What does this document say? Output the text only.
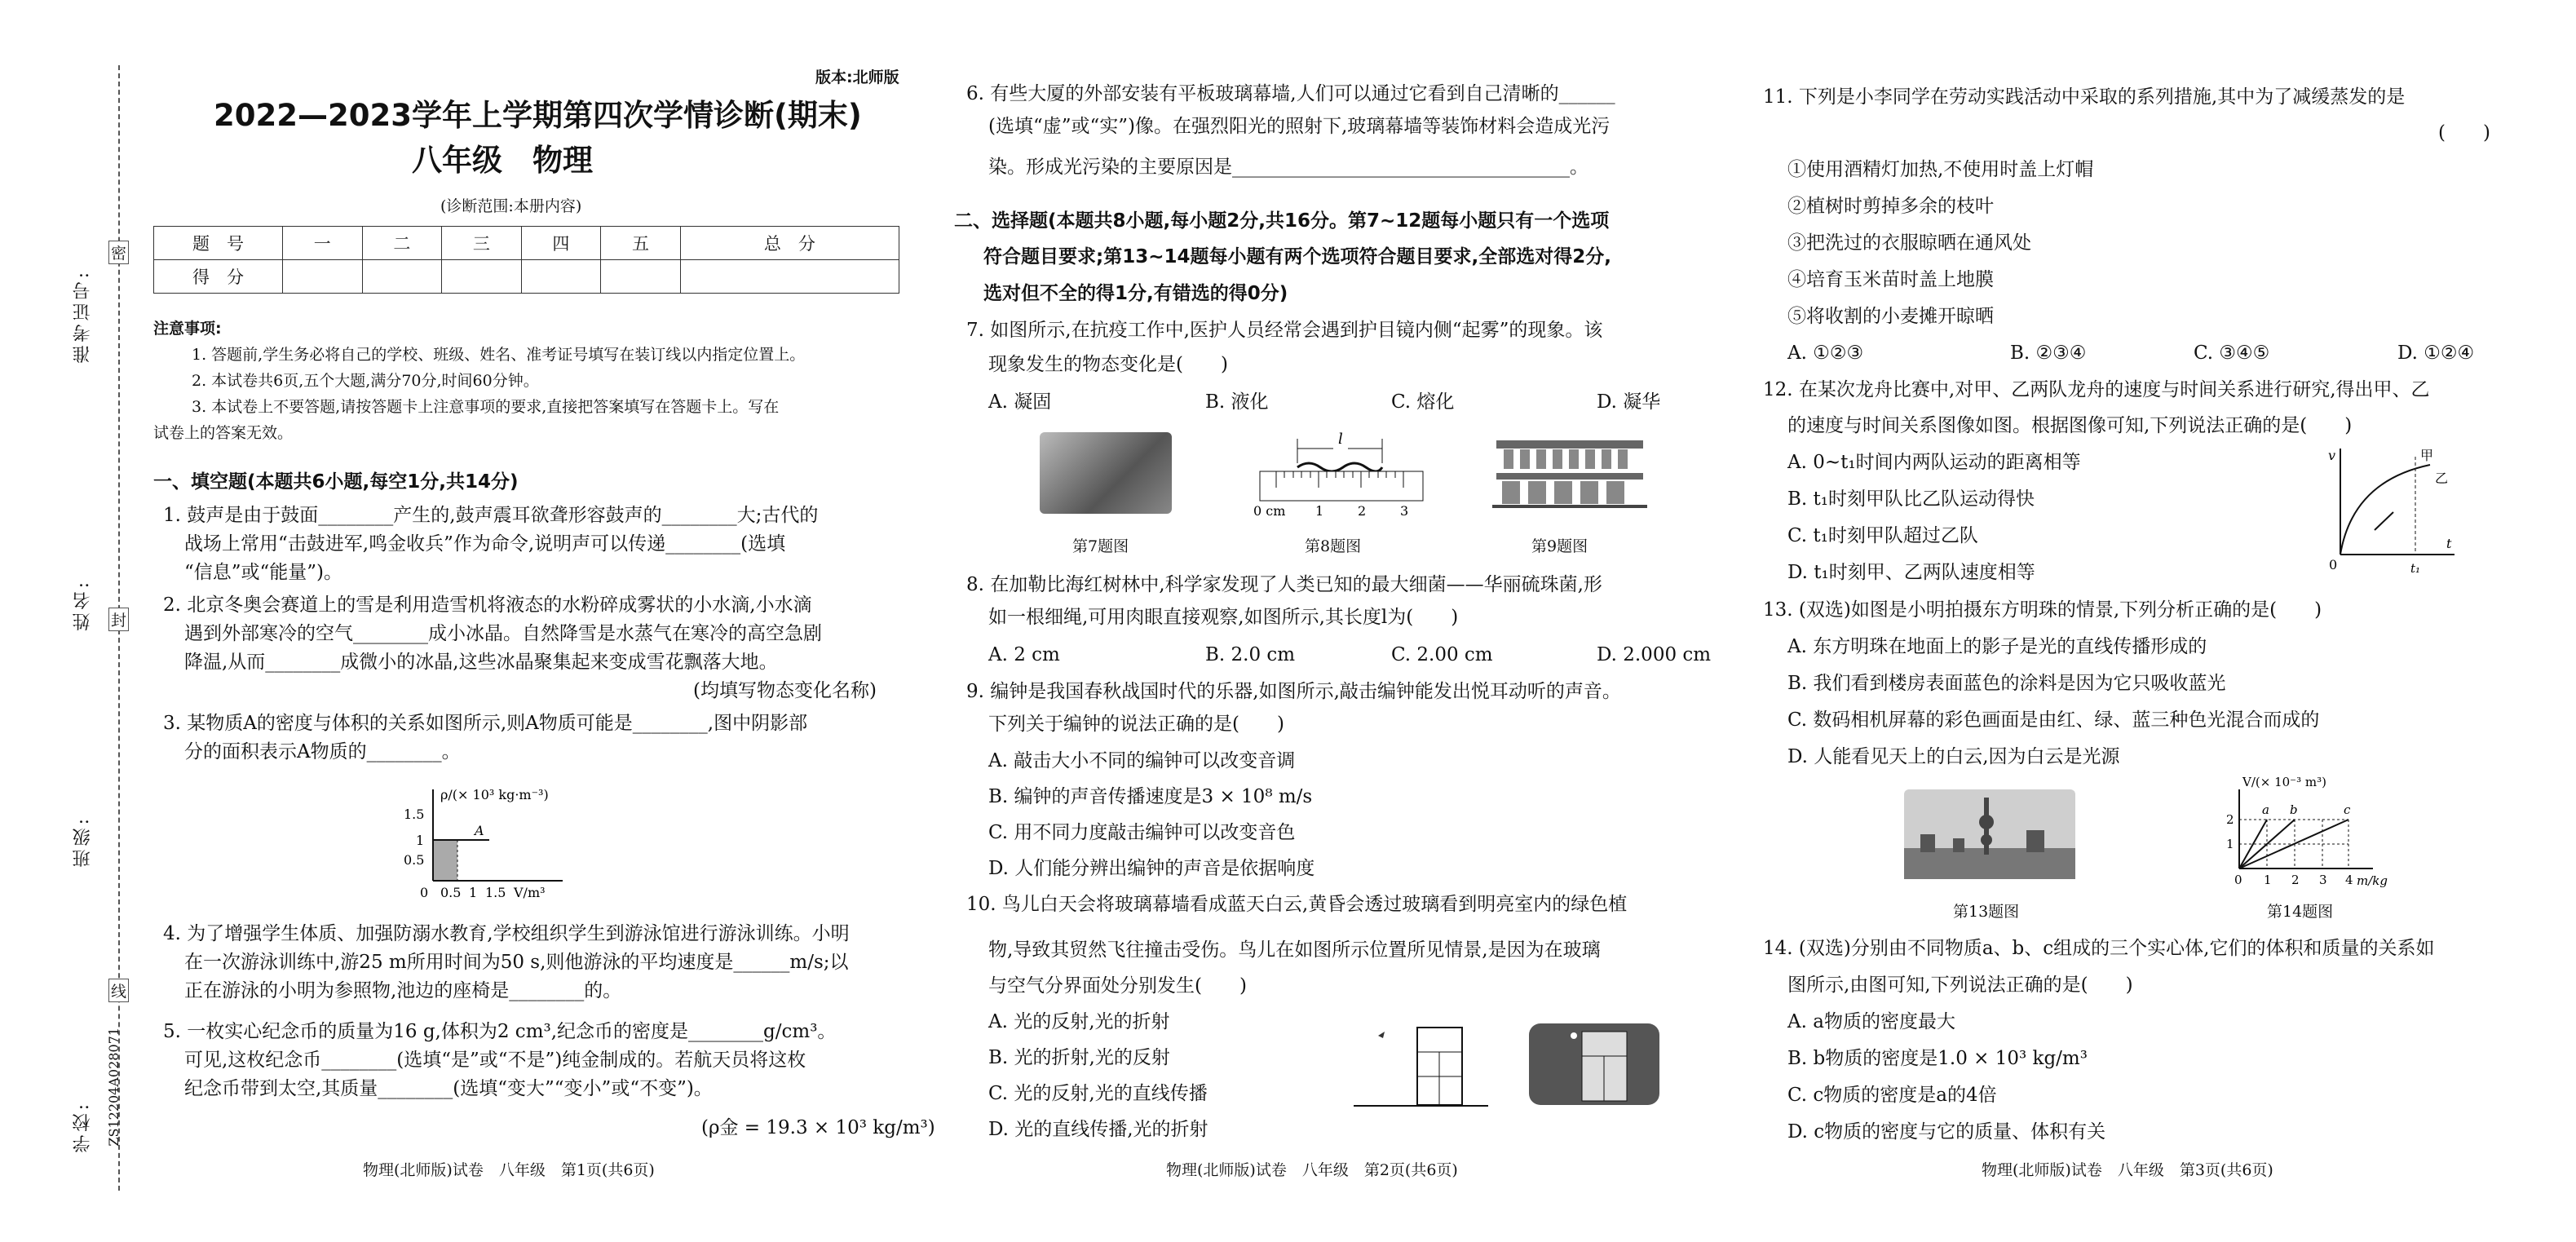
准考证号:
姓名:
班级:
学校: ZS12204A028071
密
封
线
版本:北师版
2022—2023学年上学期第四次学情诊断(期末)
八年级　物理
(诊断范围:本册内容)
题　号	一	二	三	四	五	总　分
得　分						
注意事项:
1. 答题前,学生务必将自己的学校、班级、姓名、准考证号填写在装订线以内指定位置上。
2. 本试卷共6页,五个大题,满分70分,时间60分钟。
3. 本试卷上不要答题,请按答题卡上注意事项的要求,直接把答案填写在答题卡上。写在
试卷上的答案无效。
一、填空题(本题共6小题,每空1分,共14分)
1. 鼓声是由于鼓面________产生的,鼓声震耳欲聋形容鼓声的________大;古代的
战场上常用“击鼓进军,鸣金收兵”作为命令,说明声可以传递________(选填
“信息”或“能量”)。
2. 北京冬奥会赛道上的雪是利用造雪机将液态的水粉碎成雾状的小水滴,小水滴
遇到外部寒冷的空气________成小冰晶。自然降雪是水蒸气在寒冷的高空急剧
降温,从而________成微小的冰晶,这些冰晶聚集起来变成雪花飘落大地。
(均填写物态变化名称)
3. 某物质A的密度与体积的关系如图所示,则A物质可能是________,图中阴影部
分的面积表示A物质的________。
ρ/(× 10³ kg·m⁻³)
1.5
1
0.5
0 0.5 1 1.5 V/m³
A
4. 为了增强学生体质、加强防溺水教育,学校组织学生到游泳馆进行游泳训练。小明
在一次游泳训练中,游25 m所用时间为50 s,则他游泳的平均速度是______m/s;以
正在游泳的小明为参照物,池边的座椅是________的。
5. 一枚实心纪念币的质量为16 g,体积为2 cm³,纪念币的密度是________g/cm³。
可见,这枚纪念币________(选填“是”或“不是”)纯金制成的。若航天员将这枚
纪念币带到太空,其质量________(选填“变大”“变小”或“不变”)。
(ρ金 = 19.3 × 10³ kg/m³)
物理(北师版)试卷　八年级　第1页(共6页)
6. 有些大厦的外部安装有平板玻璃幕墙,人们可以通过它看到自己清晰的______
(选填“虚”或“实”)像。在强烈阳光的照射下,玻璃幕墙等装饰材料会造成光污
染。形成光污染的主要原因是____________________________________。
二、选择题(本题共8小题,每小题2分,共16分。第7~12题每小题只有一个选项
符合题目要求;第13~14题每小题有两个选项符合题目要求,全部选对得2分,
选对但不全的得1分,有错选的得0分)
7. 如图所示,在抗疫工作中,医护人员经常会遇到护目镜内侧“起雾”的现象。该
现象发生的物态变化是(　　)
A. 凝固	B. 液化	C. 熔化	D. 凝华
l
0 cm 1	2	3
第7题图	第8题图	第9题图
8. 在加勒比海红树林中,科学家发现了人类已知的最大细菌——华丽硫珠菌,形
如一根细绳,可用肉眼直接观察,如图所示,其长度l为(　　)
A. 2 cm	B. 2.0 cm	C. 2.00 cm	D. 2.000 cm
9. 编钟是我国春秋战国时代的乐器,如图所示,敲击编钟能发出悦耳动听的声音。
下列关于编钟的说法正确的是(　　)
A. 敲击大小不同的编钟可以改变音调
B. 编钟的声音传播速度是3 × 10⁸ m/s
C. 用不同力度敲击编钟可以改变音色
D. 人们能分辨出编钟的声音是依据响度
10. 鸟儿白天会将玻璃幕墙看成蓝天白云,黄昏会透过玻璃看到明亮室内的绿色植
物,导致其贸然飞往撞击受伤。鸟儿在如图所示位置所见情景,是因为在玻璃
与空气分界面处分别发生(　　)
A. 光的反射,光的折射
B. 光的折射,光的反射
C. 光的反射,光的直线传播
D. 光的直线传播,光的折射
物理(北师版)试卷　八年级　第2页(共6页)
11. 下列是小李同学在劳动实践活动中采取的系列措施,其中为了减缓蒸发的是
(　　)
①使用酒精灯加热,不使用时盖上灯帽
②植树时剪掉多余的枝叶
③把洗过的衣服晾晒在通风处
④培育玉米苗时盖上地膜
⑤将收割的小麦摊开晾晒
A. ①②③	B. ②③④	C. ③④⑤	D. ①②④
12. 在某次龙舟比赛中,对甲、乙两队龙舟的速度与时间关系进行研究,得出甲、乙
的速度与时间关系图像如图。根据图像可知,下列说法正确的是(　　)
A. 0~t₁时间内两队运动的距离相等
B. t₁时刻甲队比乙队运动得快
C. t₁时刻甲队超过乙队
D. t₁时刻甲、乙两队速度相等
v
t
0	t₁
甲
乙
13. (双选)如图是小明拍摄东方明珠的情景,下列分析正确的是(　　)
A. 东方明珠在地面上的影子是光的直线传播形成的
B. 我们看到楼房表面蓝色的涂料是因为它只吸收蓝光
C. 数码相机屏幕的彩色画面是由红、绿、蓝三种色光混合而成的
D. 人能看见天上的白云,因为白云是光源
V/(× 10⁻³ m³)
m/kg
2
1
0 1 2 3 4
a b	c
第13题图	第14题图
14. (双选)分别由不同物质a、b、c组成的三个实心体,它们的体积和质量的关系如
图所示,由图可知,下列说法正确的是(　　)
A. a物质的密度最大
B. b物质的密度是1.0 × 10³ kg/m³
C. c物质的密度是a的4倍
D. c物质的密度与它的质量、体积有关
物理(北师版)试卷　八年级　第3页(共6页)
